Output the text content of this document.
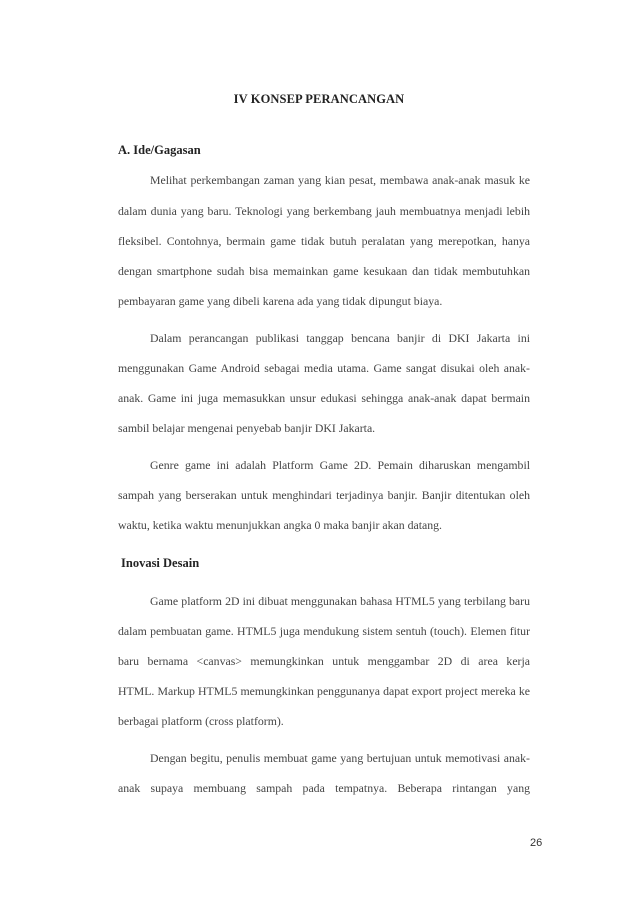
IV KONSEP PERANCANGAN
A. Ide/Gagasan
Melihat perkembangan zaman yang kian pesat, membawa anak-anak masuk ke
dalam dunia yang baru. Teknologi yang berkembang jauh membuatnya menjadi lebih
fleksibel. Contohnya, bermain game tidak butuh peralatan yang merepotkan, hanya
dengan smartphone sudah bisa memainkan game kesukaan dan tidak membutuhkan
pembayaran game yang dibeli karena ada yang tidak dipungut biaya.
Dalam perancangan publikasi tanggap bencana banjir di DKI Jakarta ini
menggunakan Game Android sebagai media utama. Game sangat disukai oleh anak-
anak. Game ini juga memasukkan unsur edukasi sehingga anak-anak dapat bermain
sambil belajar mengenai penyebab banjir DKI Jakarta.
Genre game ini adalah Platform Game 2D. Pemain diharuskan mengambil
sampah yang berserakan untuk menghindari terjadinya banjir. Banjir ditentukan oleh
waktu, ketika waktu menunjukkan angka 0 maka banjir akan datang.
Inovasi Desain
Game platform 2D ini dibuat menggunakan bahasa HTML5 yang terbilang baru
dalam pembuatan game. HTML5 juga mendukung sistem sentuh (touch). Elemen fitur
baru bernama <canvas> memungkinkan untuk menggambar 2D di area kerja
HTML. Markup HTML5 memungkinkan penggunanya dapat export project mereka ke
berbagai platform (cross platform).
Dengan begitu, penulis membuat game yang bertujuan untuk memotivasi anak-
anak supaya membuang sampah pada tempatnya. Beberapa rintangan yang
26
